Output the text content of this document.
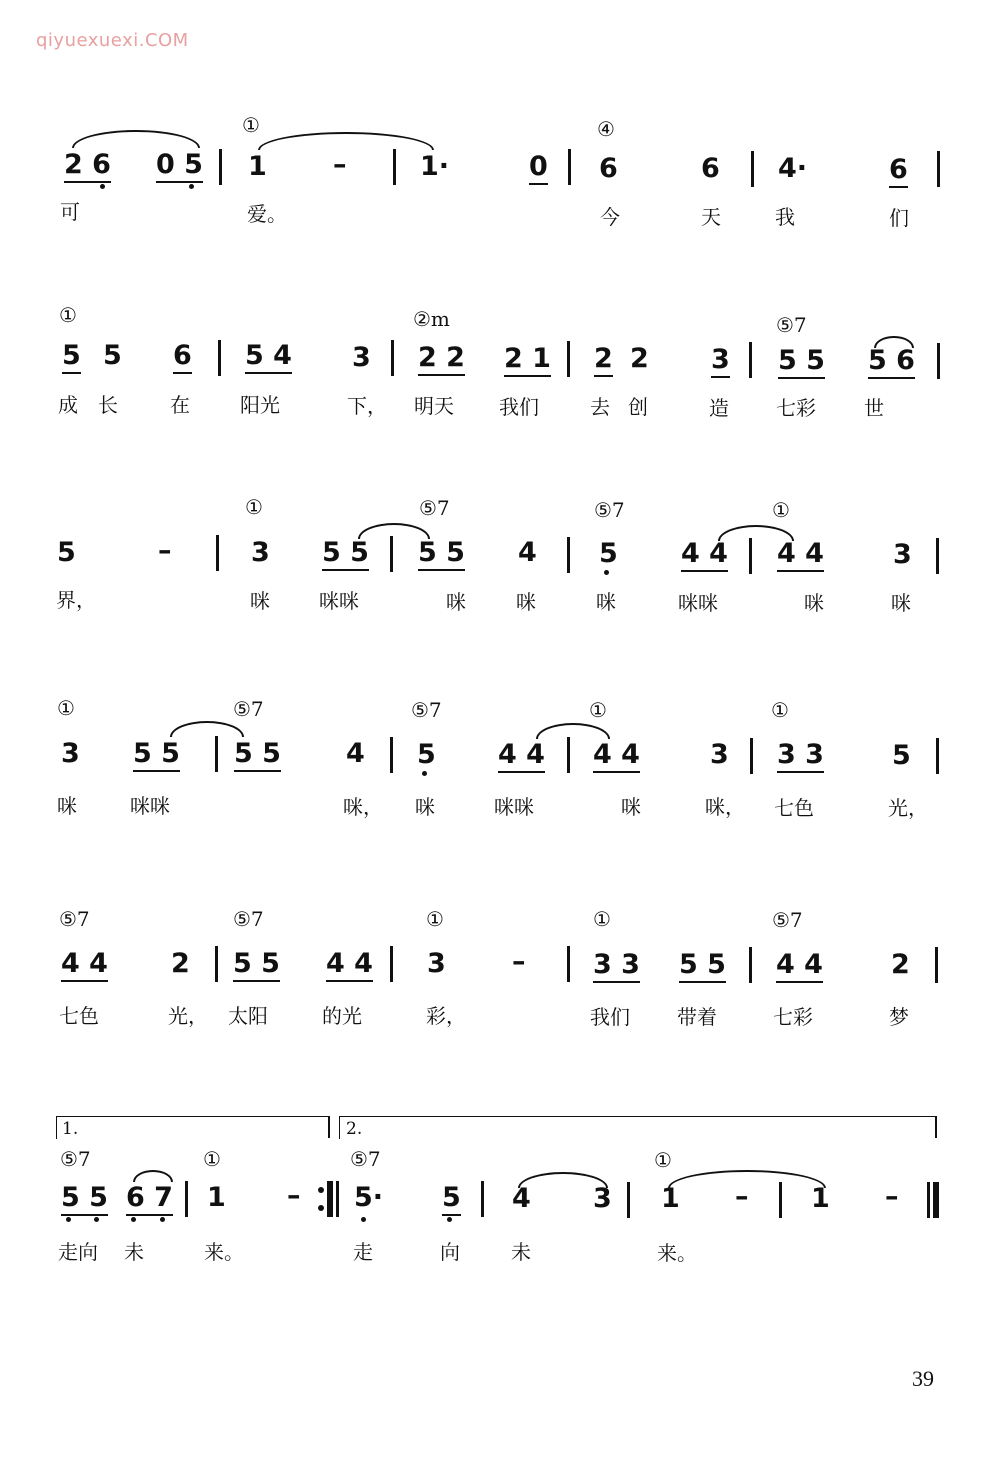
qiyuexuexi.COM
①	④
2 6 0 5 1 –	1·	0 6	6 4·	6
可	爱。	今	天	我	们
①	②m	⑤7
5 5 6 5 4 3 2 2 2 1 2 2 3 5 5 5 6
成 长	在	阳光	下， 明天 我们	去 创	造 七彩 世
①	⑤7	⑤7	①
5	–	3 5 5 5 5 4 5 4 4 4 4	3
界，	咪 咪咪	咪	咪	咪	咪咪	咪	咪
①	⑤7	⑤7	①	①
3 5 5 5 5 4 5 4 4 4 4	3 3 3	5
咪	咪咪	咪， 咪	咪咪	咪	咪， 七色	光，
⑤7	⑤7	①	①	⑤7
4 4 2 5 5 4 4 3 –	3 3 5 5 4 4	2
七色	光， 太阳	的光	彩，	我们 带着	七彩	梦
1.	2.
⑤7	①	⑤7	①
5 5 6 7 1 – 5· 5 4 3 1 – 1 –
走向 未	来。	走	向	未	来。
39
